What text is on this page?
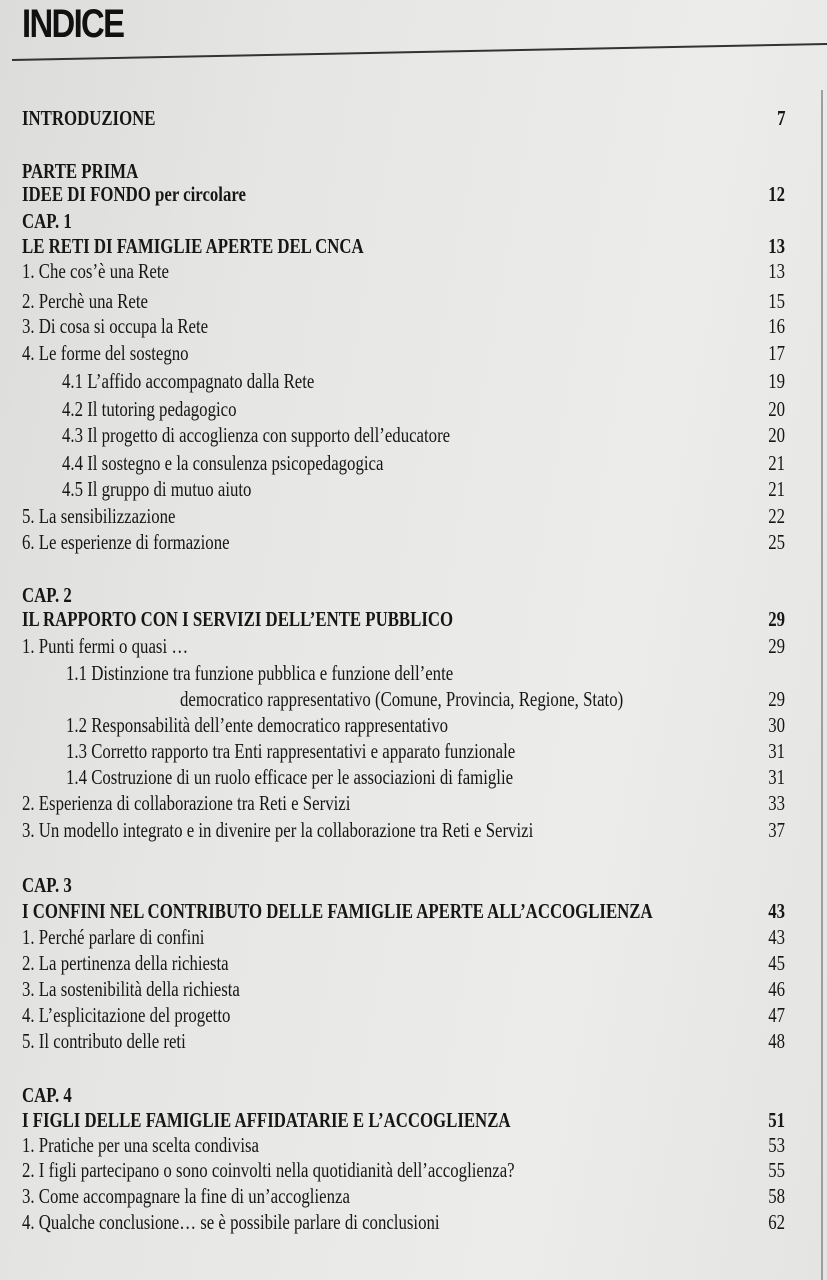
INDICE
INTRODUZIONE	7
PARTE PRIMA
IDEE DI FONDO per circolare	12
CAP. 1
LE RETI DI FAMIGLIE APERTE DEL CNCA	13
1. Che cos’è una Rete	13
2. Perchè una Rete	15
3. Di cosa si occupa la Rete	16
4. Le forme del sostegno	17
4.1 L’affido accompagnato dalla Rete	19
4.2 Il tutoring pedagogico	20
4.3 Il progetto di accoglienza con supporto dell’educatore	20
4.4 Il sostegno e la consulenza psicopedagogica	21
4.5 Il gruppo di mutuo aiuto	21
5. La sensibilizzazione	22
6. Le esperienze di formazione	25
CAP. 2
IL RAPPORTO CON I SERVIZI DELL’ENTE PUBBLICO	29
1. Punti fermi o quasi …	29
1.1 Distinzione tra funzione pubblica e funzione dell’ente
democratico rappresentativo (Comune, Provincia, Regione, Stato)	29
1.2 Responsabilità dell’ente democratico rappresentativo	30
1.3 Corretto rapporto tra Enti rappresentativi e apparato funzionale	31
1.4 Costruzione di un ruolo efficace per le associazioni di famiglie	31
2. Esperienza di collaborazione tra Reti e Servizi	33
3. Un modello integrato e in divenire per la collaborazione tra Reti e Servizi	37
CAP. 3
I CONFINI NEL CONTRIBUTO DELLE FAMIGLIE APERTE ALL’ACCOGLIENZA	43
1. Perché parlare di confini	43
2. La pertinenza della richiesta	45
3. La sostenibilità della richiesta	46
4. L’esplicitazione del progetto	47
5. Il contributo delle reti	48
CAP. 4
I FIGLI DELLE FAMIGLIE AFFIDATARIE E L’ACCOGLIENZA	51
1. Pratiche per una scelta condivisa	53
2. I figli partecipano o sono coinvolti nella quotidianità dell’accoglienza?	55
3. Come accompagnare la fine di un’accoglienza	58
4. Qualche conclusione… se è possibile parlare di conclusioni	62
